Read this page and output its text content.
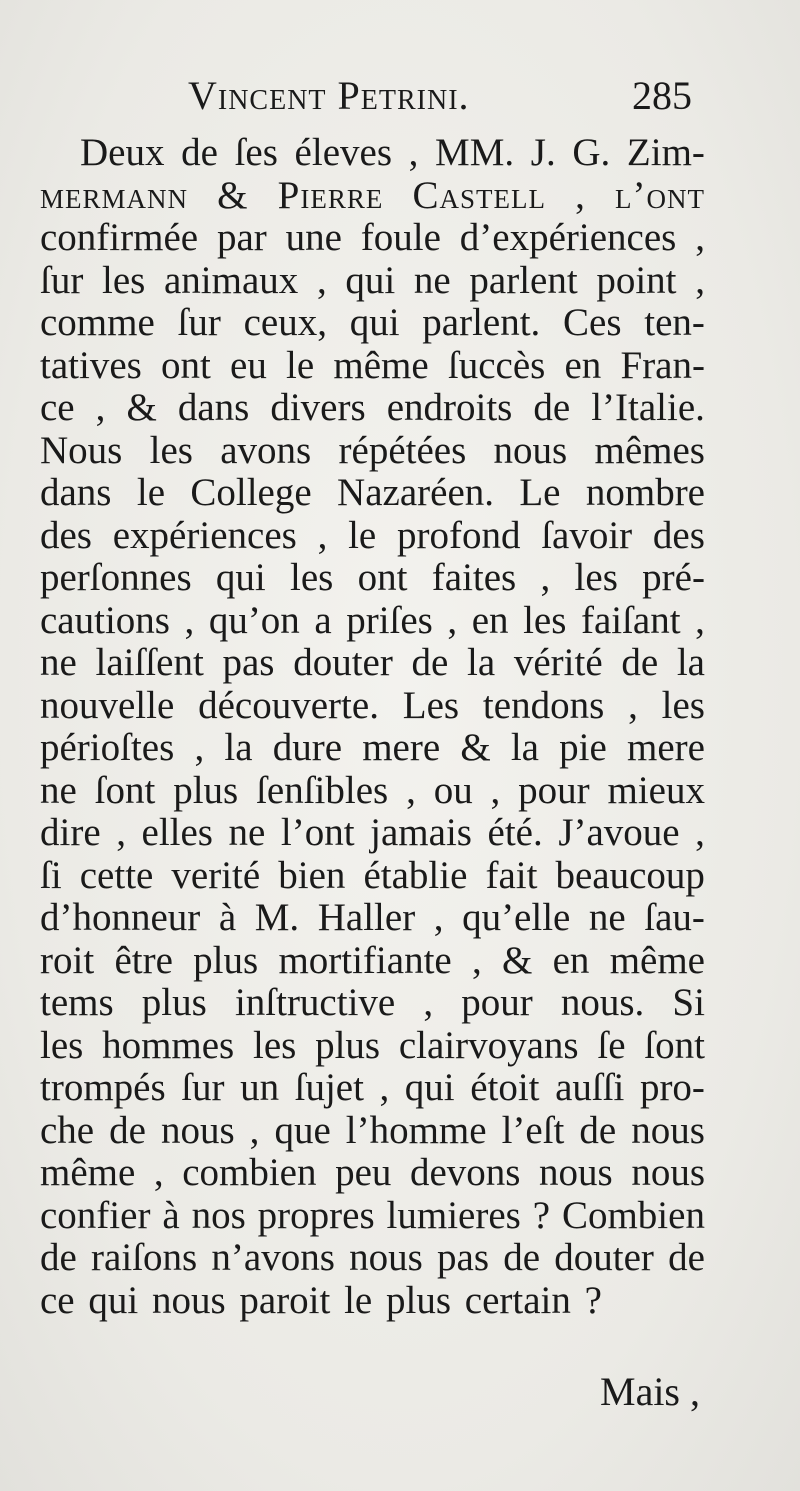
Vincent Petrini.	285
Deux de ſes éleves , MM. J. G. Zim-
mermann & Pierre Castell , l’ont
confirmée par une foule d’expériences ,
ſur les animaux , qui ne parlent point ,
comme ſur ceux, qui parlent. Ces ten-
tatives ont eu le même ſuccès en Fran-
ce , & dans divers endroits de l’Italie.
Nous les avons répétées nous mêmes
dans le College Nazaréen. Le nombre
des expériences , le profond ſavoir des
perſonnes qui les ont faites , les pré-
cautions , qu’on a priſes , en les faiſant ,
ne laiſſent pas douter de la vérité de la
nouvelle découverte. Les tendons , les
périoſtes , la dure mere & la pie mere
ne ſont plus ſenſibles , ou , pour mieux
dire , elles ne l’ont jamais été. J’avoue ,
ſi cette verité bien établie fait beaucoup
d’honneur à M. Haller , qu’elle ne ſau-
roit être plus mortifiante , & en même
tems plus inſtructive , pour nous. Si
les hommes les plus clairvoyans ſe ſont
trompés ſur un ſujet , qui étoit auſſi pro-
che de nous , que l’homme l’eſt de nous
même , combien peu devons nous nous
confier à nos propres lumieres ? Combien
de raiſons n’avons nous pas de douter de
ce qui nous paroit le plus certain ?
Mais ,
